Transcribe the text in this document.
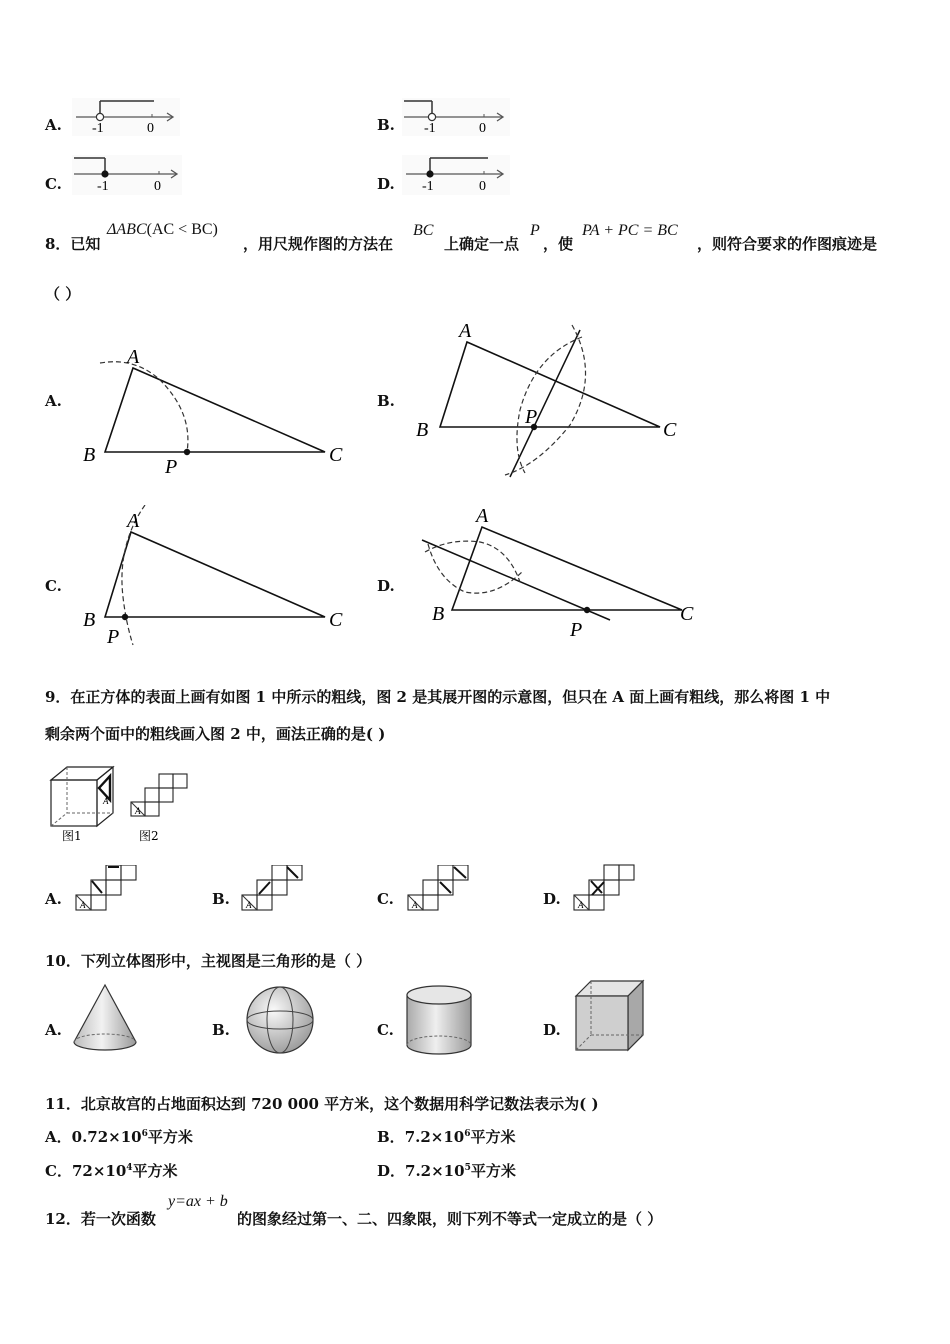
A. -1	0	B. -1	0
C.	-1	0	D. -1	0
8．已知
ΔABC(AC < BC)
，用尺规作图的方法在
BC
上确定一点
P
，使
PA + PC = BC
，则符合要求的作图痕迹是
（ ）
A.
A
B	C
P
B.
A
B	C
P
C.
A
B	C
P
D.
A
B	C
P
9．在正方体的表面上画有如图 1 中所示的粗线，图 2 是其展开图的示意图，但只在 A 面上画有粗线，那么将图 1 中
剩余两个面中的粗线画入图 2 中，画法正确的是( )
A
图1
A
图2
A. A	B. A	C. A	D. A
10．下列立体图形中，主视图是三角形的是（ ）
A.	B.	C.	D.
11．北京故宫的占地面积达到 720 000 平方米，这个数据用科学记数法表示为( )
A．$0.72\times 10^6$平方米	B．$7.2\times 10^6$平方米
C．$72\times 10^4$平方米	D．$7.2\times 10^5$平方米
12．若一次函数
y=ax + b
的图象经过第一、二、四象限，则下列不等式一定成立的是（ ）
